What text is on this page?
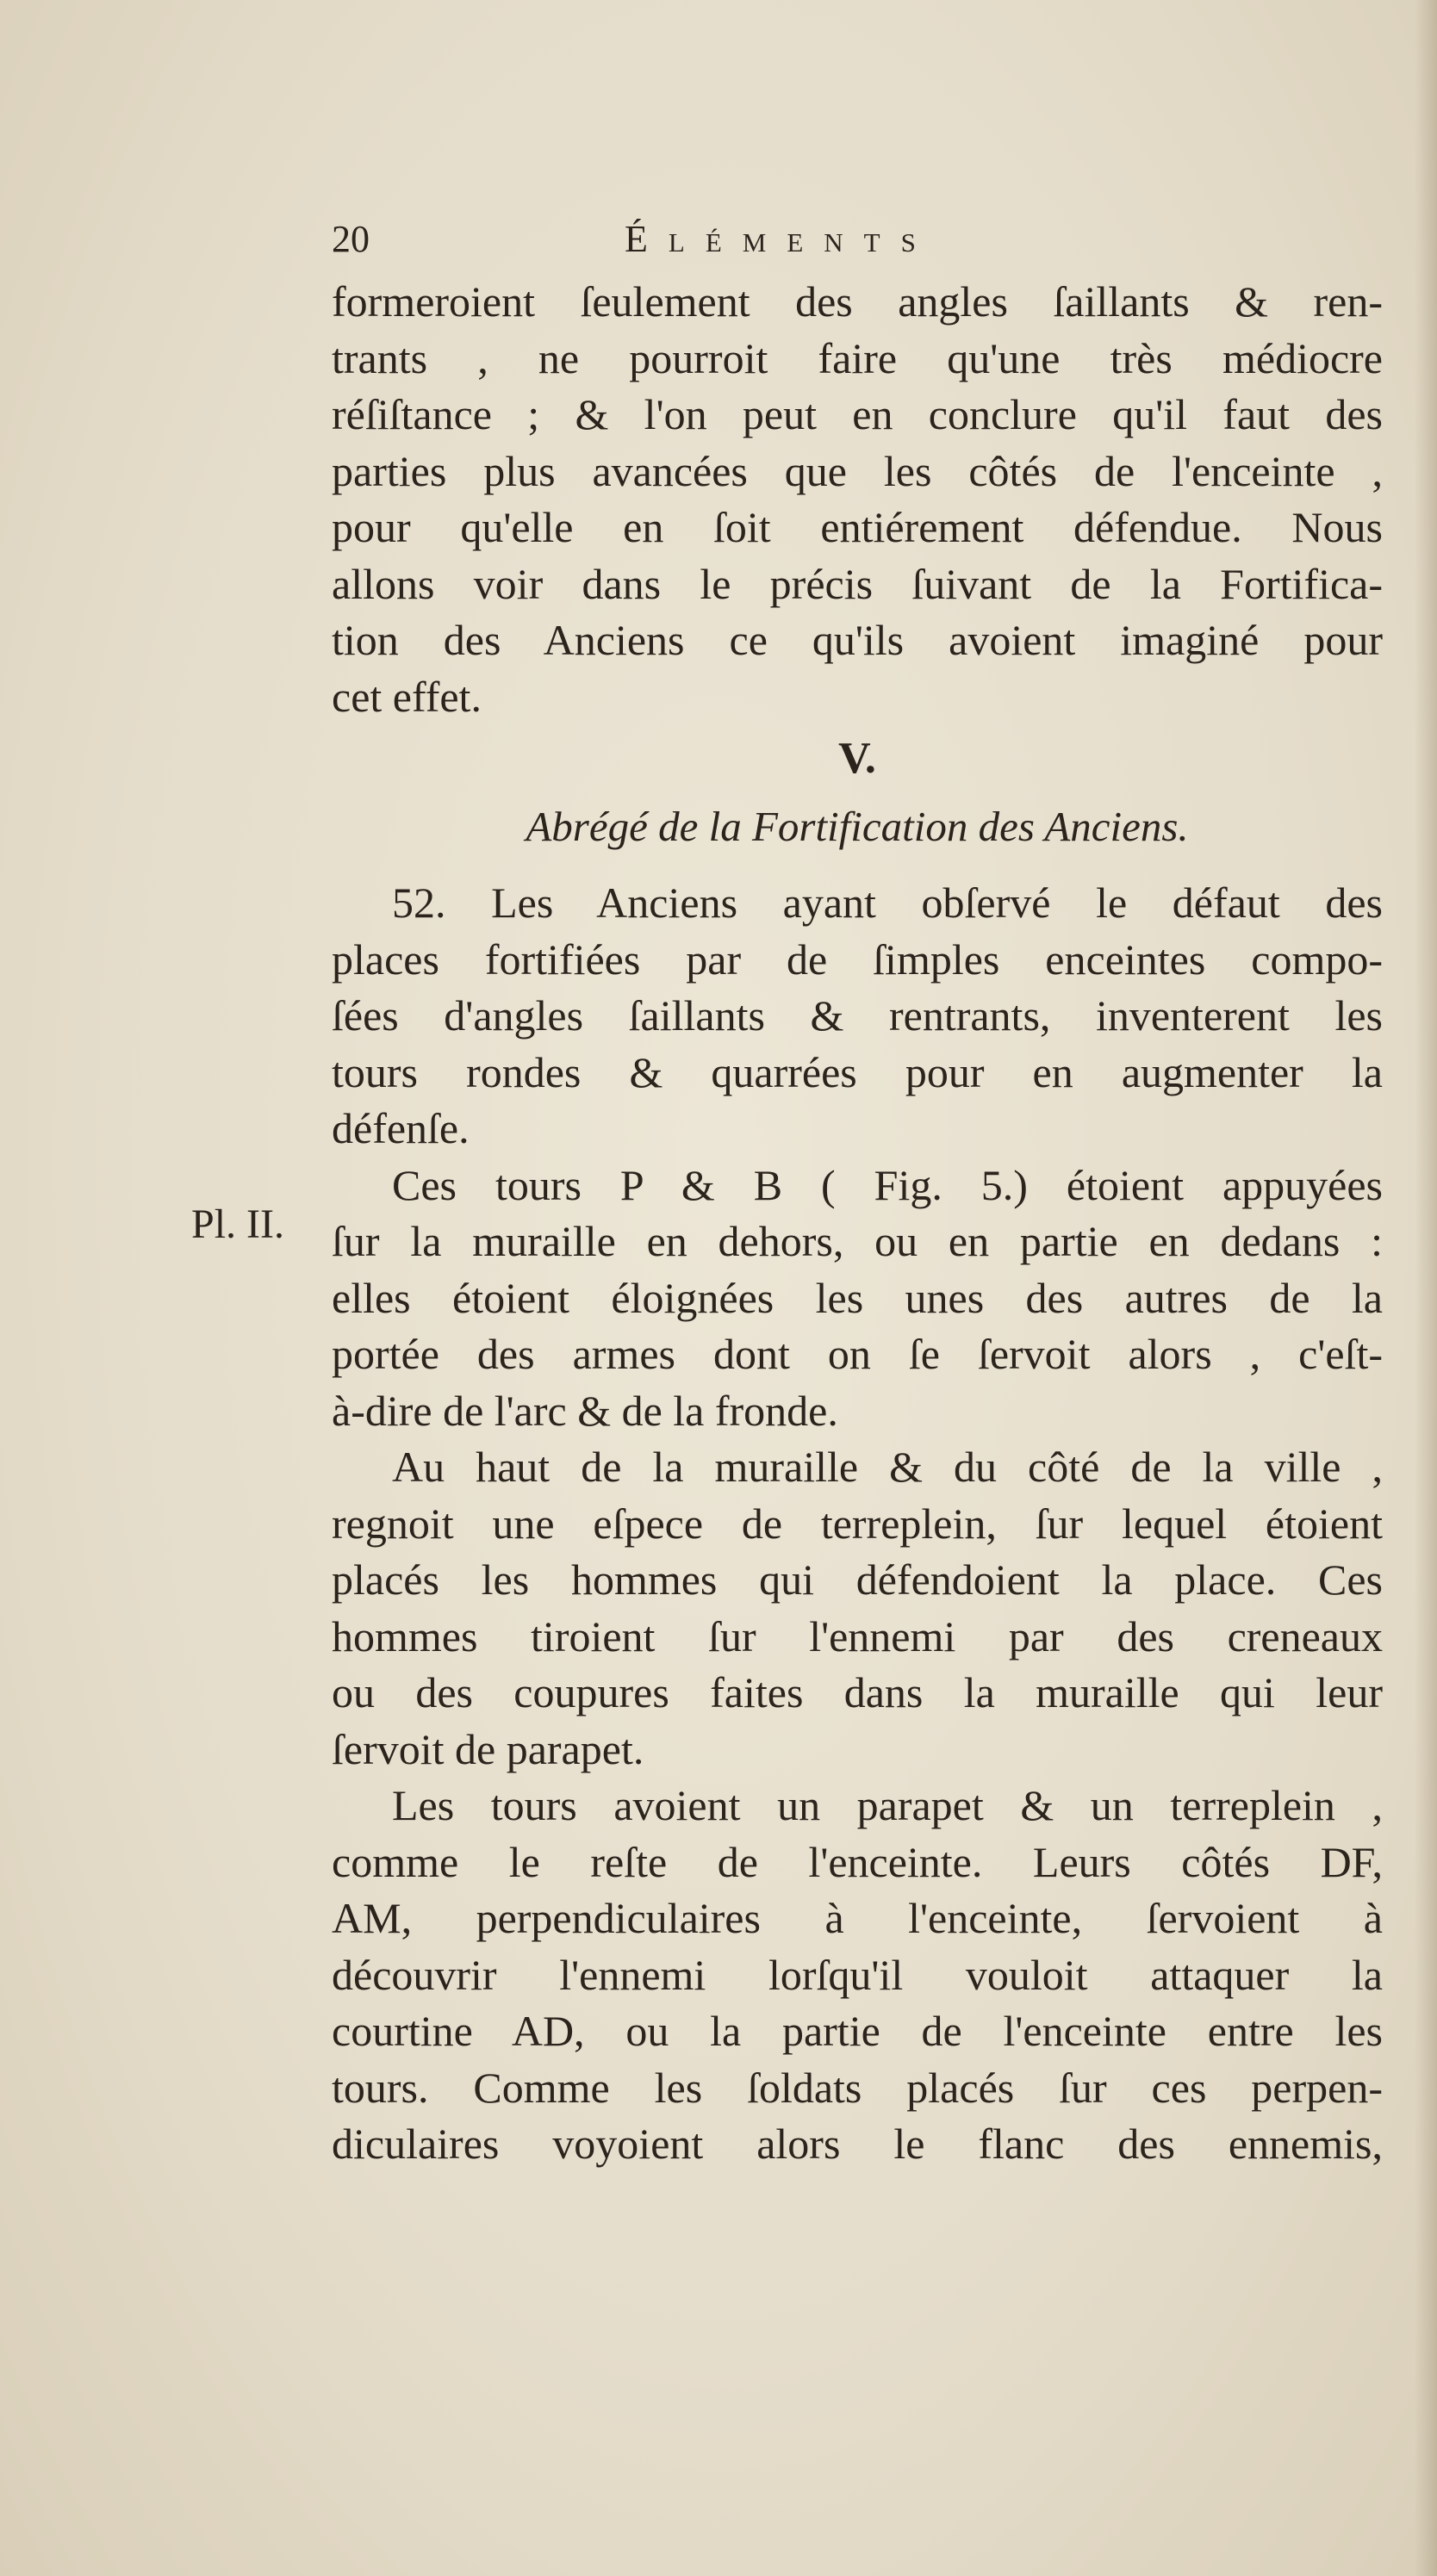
20	Éléments
Pl. II.
formeroient ſeulement des angles ſaillants & ren-
trants , ne pourroit faire qu'une très médiocre
réſiſtance ; & l'on peut en conclure qu'il faut des
parties plus avancées que les côtés de l'enceinte ,
pour qu'elle en ſoit entiérement défendue. Nous
allons voir dans le précis ſuivant de la Fortifica-
tion des Anciens ce qu'ils avoient imaginé pour
cet effet.
V.
Abrégé de la Fortification des Anciens.
52. Les Anciens ayant obſervé le défaut des
places fortifiées par de ſimples enceintes compo-
ſées d'angles ſaillants & rentrants, inventerent les
tours rondes & quarrées pour en augmenter la
défenſe.
Ces tours P & B ( Fig. 5.) étoient appuyées
ſur la muraille en dehors, ou en partie en dedans :
elles étoient éloignées les unes des autres de la
portée des armes dont on ſe ſervoit alors , c'eſt-
à-dire de l'arc & de la fronde.
Au haut de la muraille & du côté de la ville ,
regnoit une eſpece de terreplein, ſur lequel étoient
placés les hommes qui défendoient la place. Ces
hommes tiroient ſur l'ennemi par des creneaux
ou des coupures faites dans la muraille qui leur
ſervoit de parapet.
Les tours avoient un parapet & un terreplein ,
comme le reſte de l'enceinte. Leurs côtés DF,
AM, perpendiculaires à l'enceinte, ſervoient à
découvrir l'ennemi lorſqu'il vouloit attaquer la
courtine AD, ou la partie de l'enceinte entre les
tours. Comme les ſoldats placés ſur ces perpen-
diculaires voyoient alors le flanc des ennemis,
